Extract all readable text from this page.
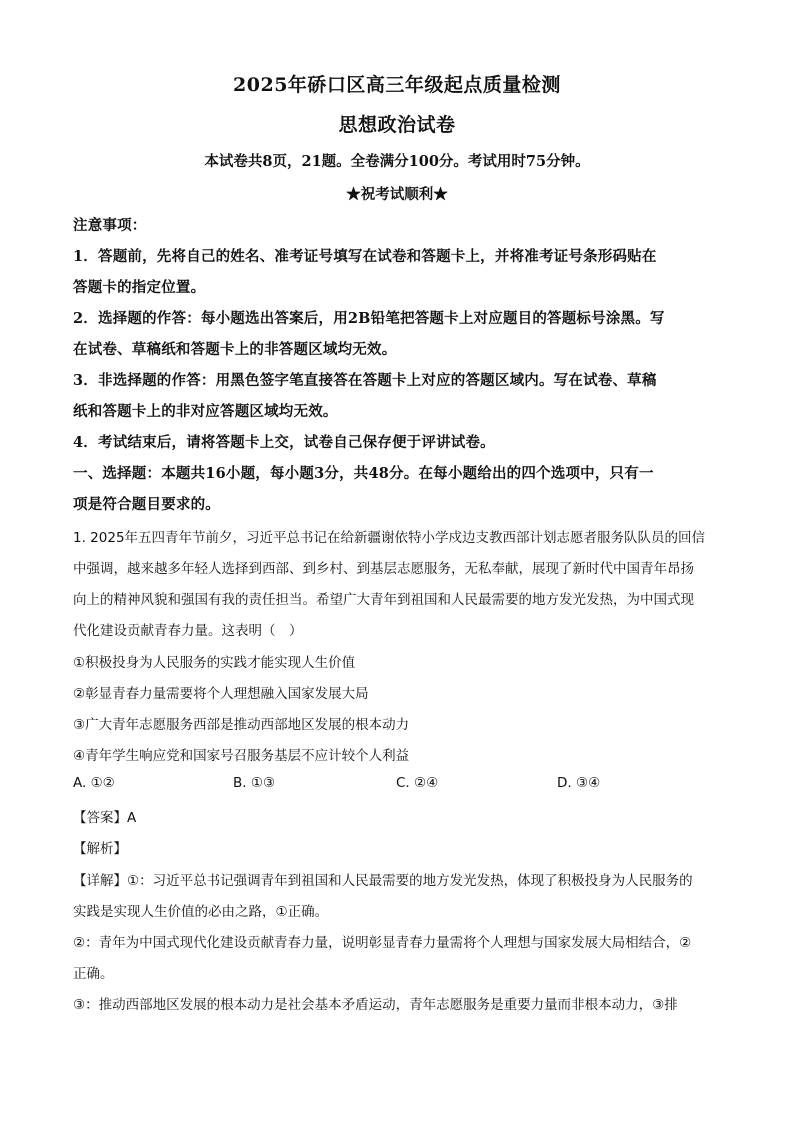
2025年硚口区高三年级起点质量检测
思想政治试卷
本试卷共8页，21题。全卷满分100分。考试用时75分钟。
★祝考试顺利★
注意事项：
1．答题前，先将自己的姓名、准考证号填写在试卷和答题卡上，并将准考证号条形码贴在
答题卡的指定位置。
2．选择题的作答：每小题选出答案后，用2B铅笔把答题卡上对应题目的答题标号涂黑。写
在试卷、草稿纸和答题卡上的非答题区域均无效。
3．非选择题的作答：用黑色签字笔直接答在答题卡上对应的答题区域内。写在试卷、草稿
纸和答题卡上的非对应答题区域均无效。
4．考试结束后，请将答题卡上交，试卷自己保存便于评讲试卷。
一、选择题：本题共16小题，每小题3分，共48分。在每小题给出的四个选项中，只有一
项是符合题目要求的。
1. 2025年五四青年节前夕，习近平总书记在给新疆谢依特小学戍边支教西部计划志愿者服务队队员的回信
中强调，越来越多年轻人选择到西部、到乡村、到基层志愿服务，无私奉献，展现了新时代中国青年昂扬
向上的精神风貌和强国有我的责任担当。希望广大青年到祖国和人民最需要的地方发光发热，为中国式现
代化建设贡献青春力量。这表明（　）
①积极投身为人民服务的实践才能实现人生价值
②彰显青春力量需要将个人理想融入国家发展大局
③广大青年志愿服务西部是推动西部地区发展的根本动力
④青年学生响应党和国家号召服务基层不应计较个人利益
A. ①②	B. ①③	C. ②④	D. ③④
【答案】A
【解析】
【详解】①：习近平总书记强调青年到祖国和人民最需要的地方发光发热，体现了积极投身为人民服务的
实践是实现人生价值的必由之路，①正确。
②：青年为中国式现代化建设贡献青春力量，说明彰显青春力量需将个人理想与国家发展大局相结合，②
正确。
③：推动西部地区发展的根本动力是社会基本矛盾运动，青年志愿服务是重要力量而非根本动力，③排
